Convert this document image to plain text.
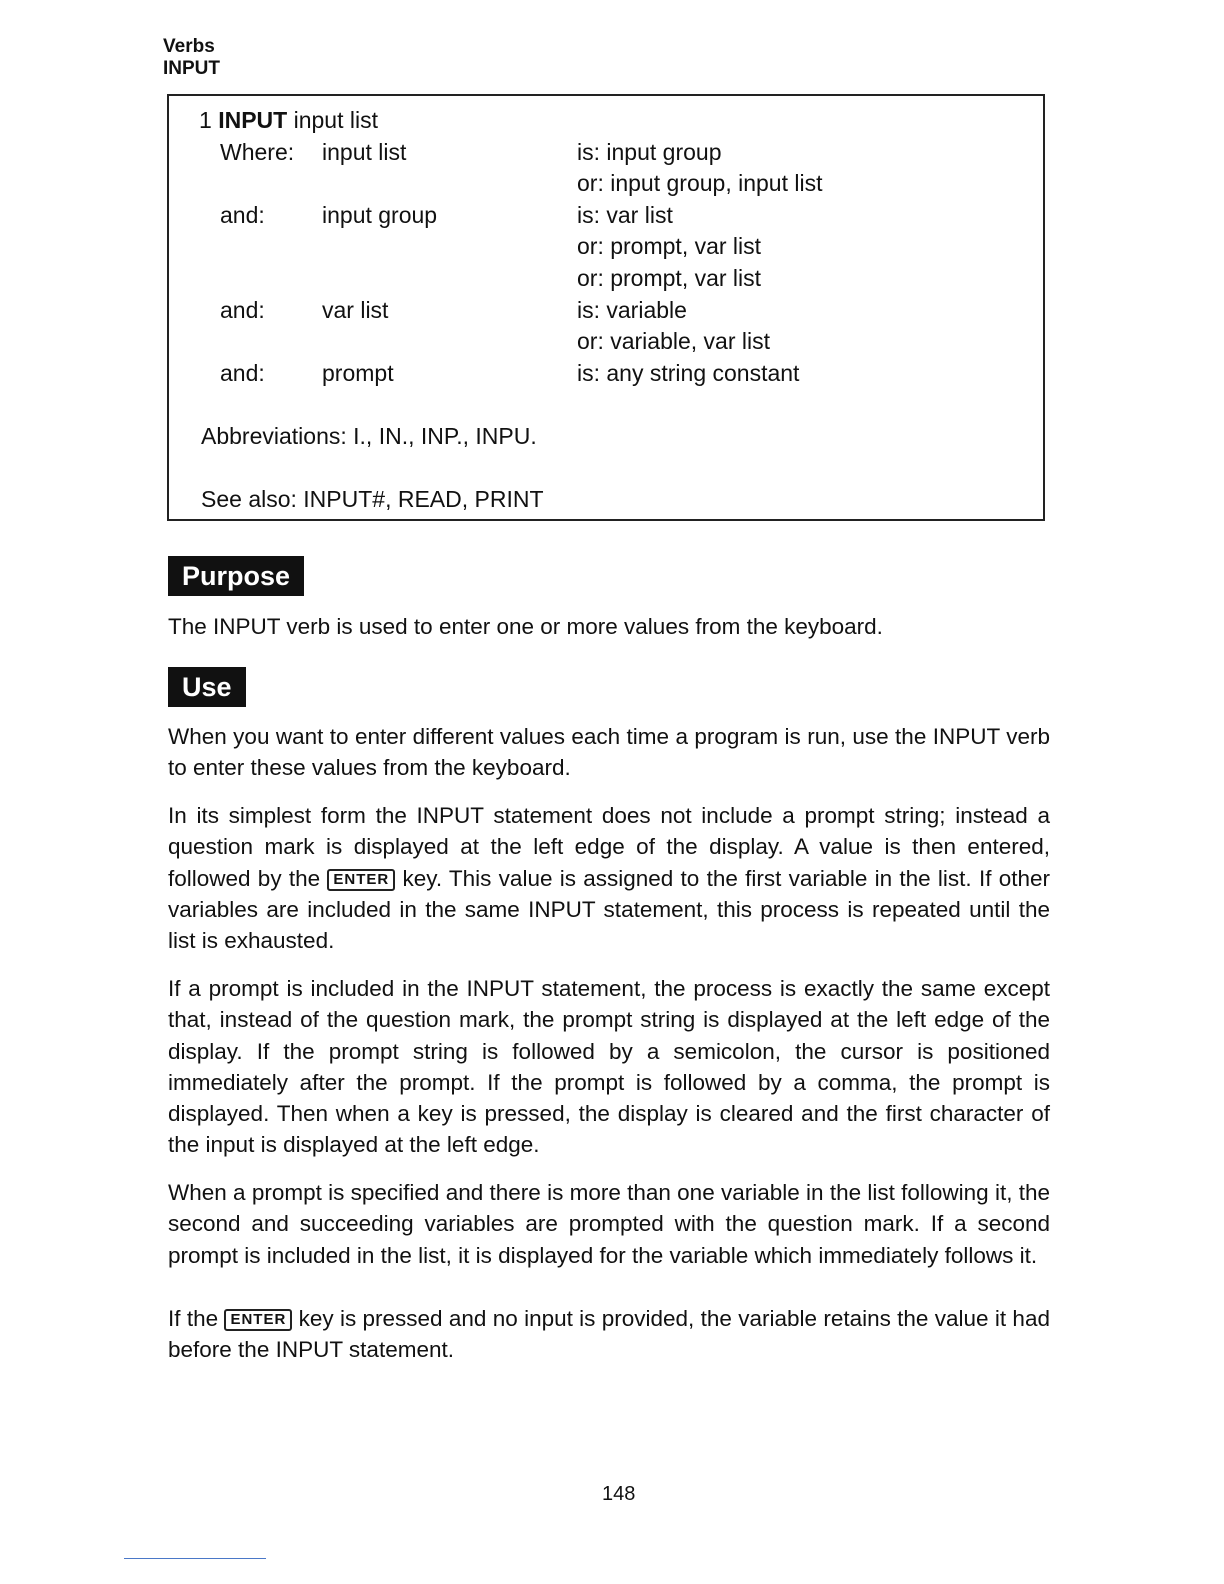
Verbs
INPUT
1 INPUT input list
Where: input list	is: input group
or: input group, input list
and: input group	is: var list
or: prompt, var list
or: prompt, var list
and: var list	is: variable
or: variable, var list
and: prompt	is: any string constant
Abbreviations: I., IN., INP., INPU.
See also: INPUT#, READ, PRINT
Purpose

The INPUT verb is used to enter one or more values from the keyboard.

Use

When you want to enter different values each time a program is run, use the INPUT verb to enter these values from the keyboard.

In its simplest form the INPUT statement does not include a prompt string; instead a question mark is displayed at the left edge of the display. A value is then entered, followed by the ENTER key. This value is assigned to the first variable in the list. If other variables are included in the same INPUT statement, this process is repeated until the list is exhausted.

If a prompt is included in the INPUT statement, the process is exactly the same except that, instead of the question mark, the prompt string is displayed at the left edge of the display. If the prompt string is followed by a semicolon, the cursor is positioned immediately after the prompt. If the prompt is followed by a comma, the prompt is displayed. Then when a key is pressed, the display is cleared and the first character of the input is displayed at the left edge.

When a prompt is specified and there is more than one variable in the list following it, the second and succeeding variables are prompted with the question mark. If a second prompt is included in the list, it is displayed for the variable which immediately follows it.

If the ENTER key is pressed and no input is provided, the variable retains the value it had before the INPUT statement.

148
